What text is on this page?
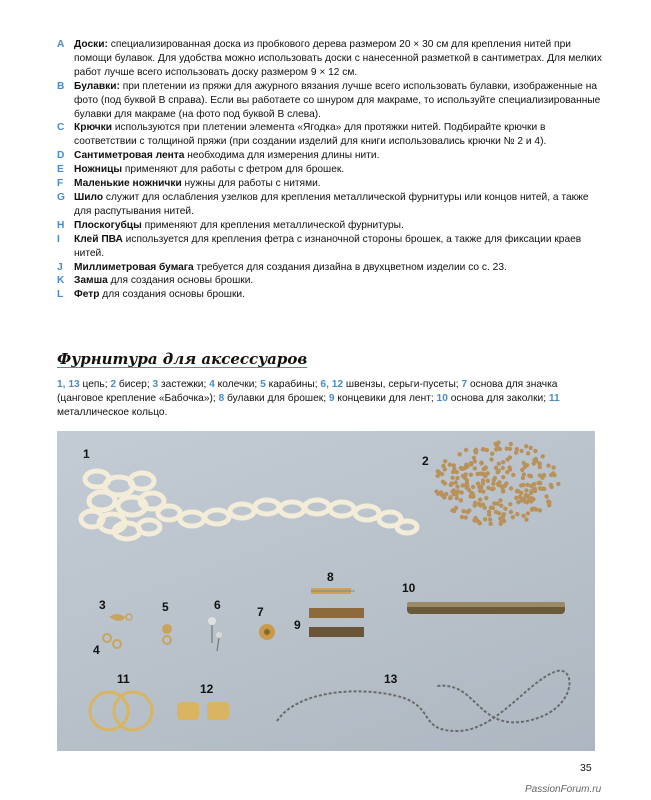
A Доски: специализированная доска из пробкового дерева размером 20 × 30 см для крепления нитей при помощи булавок. Для удобства можно использовать доски с нанесенной разметкой в сантиметрах. Для мелких работ лучше всего использовать доску размером 9 × 12 см.
B Булавки: при плетении из пряжи для ажурного вязания лучше всего использовать булавки, изображенные на фото (под буквой В справа). Если вы работаете со шнуром для макраме, то используйте специализированные булавки для макраме (на фото под буквой В слева).
C Крючки используются при плетении элемента «Ягодка» для протяжки нитей. Подбирайте крючки в соответствии с толщиной пряжи (при создании изделий для книги использовались крючки № 2 и 4).
D Сантиметровая лента необходима для измерения длины нити.
E	Ножницы применяют для работы с фетром для брошек.
F	Маленькие ножнички нужны для работы с нитями.
G Шило служит для ослабления узелков для крепления металлической фурнитуры или концов нитей, а также для распутывания нитей.
H Плоскогубцы применяют для крепления металлической фурнитуры.
I	Клей ПВА используется для крепления фетра с изнаночной стороны брошек, а также для фиксации краев нитей.
J	Миллиметровая бумага требуется для создания дизайна в двухцветном изделии со с. 23.
K Замша для создания основы брошки.
L	Фетр для создания основы брошки.
Фурнитура для аксессуаров
1, 13 цепь; 2 бисер; 3 застежки; 4 колечки; 5 карабины; 6, 12 швензы, серьги-пусеты; 7 основа для значка (цанговое крепление «Бабочка»); 8 булавки для брошек; 9 концевики для лент; 10 основа для заколки; 11 металлическое кольцо.
1	2
3
4
5	6	7
8
9
10
11
12
13
35
PassionForum.ru
